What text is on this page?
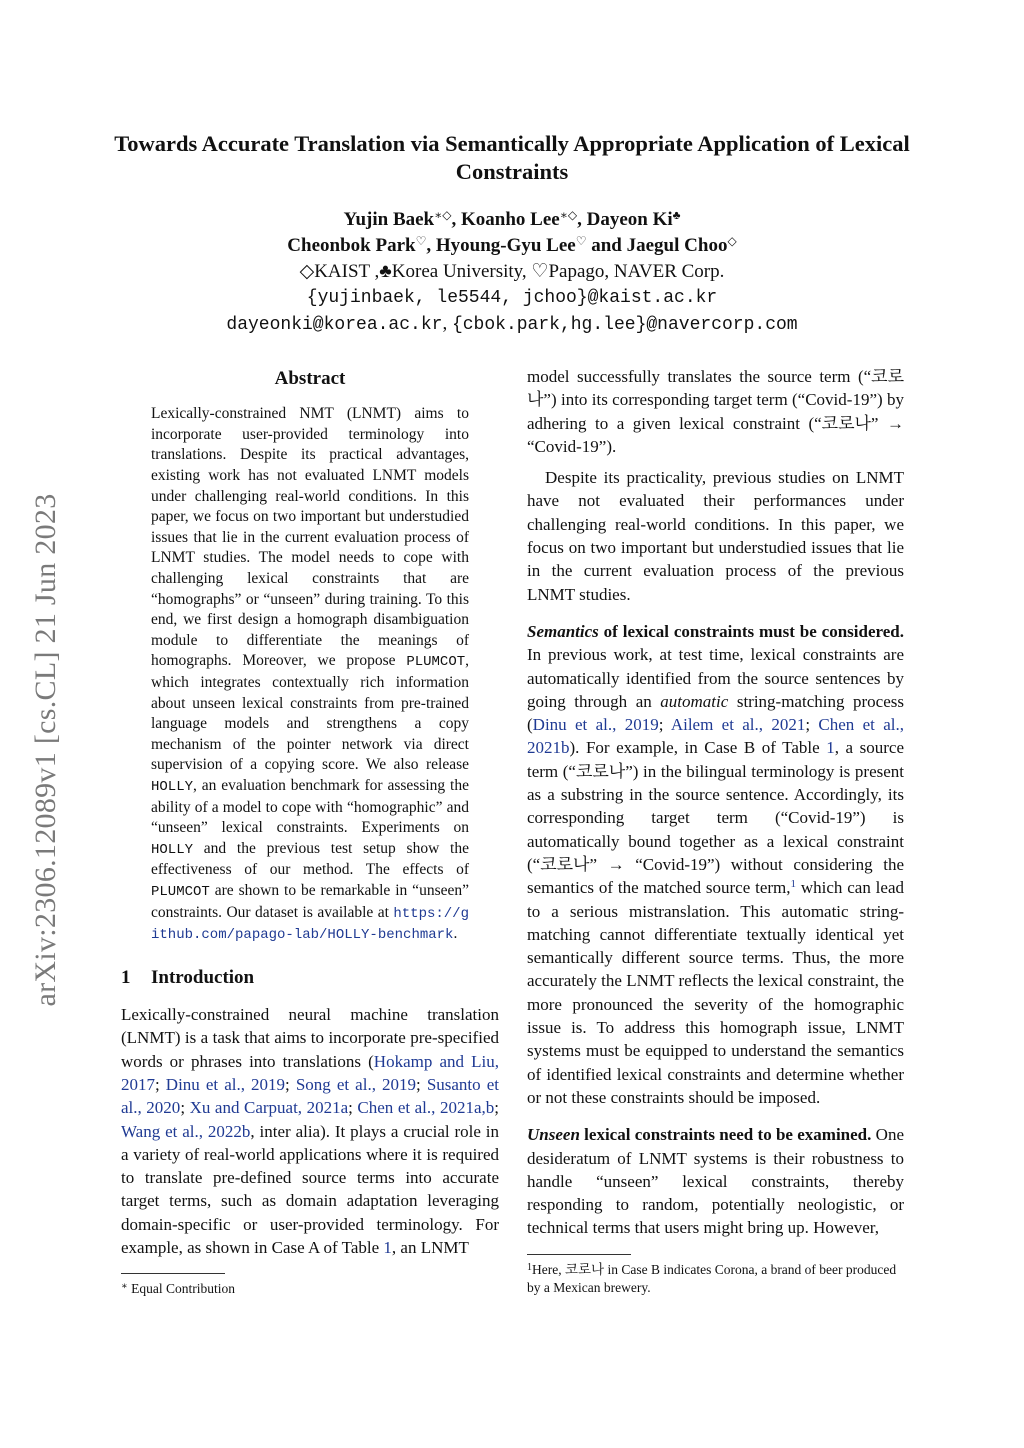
arXiv:2306.12089v1 [cs.CL] 21 Jun 2023
Towards Accurate Translation via Semantically Appropriate Application of Lexical Constraints
Yujin Baek∗◇, Koanho Lee∗◇, Dayeon Ki♣
Cheonbok Park♡, Hyoung-Gyu Lee♡ and Jaegul Choo◇
◇KAIST ,♣Korea University, ♡Papago, NAVER Corp.
{yujinbaek, le5544, jchoo}@kaist.ac.kr
dayeonki@korea.ac.kr, {cbok.park,hg.lee}@navercorp.com
Abstract
Lexically-constrained NMT (LNMT) aims to incorporate user-provided terminology into translations. Despite its practical advantages, existing work has not evaluated LNMT models under challenging real-world conditions. In this paper, we focus on two important but understudied issues that lie in the current evaluation process of LNMT studies. The model needs to cope with challenging lexical constraints that are “homographs” or “unseen” during training. To this end, we first design a homograph disambiguation module to differentiate the meanings of homographs. Moreover, we propose PLUMCOT, which integrates contextually rich information about unseen lexical constraints from pre-trained language models and strengthens a copy mechanism of the pointer network via direct supervision of a copying score. We also release HOLLY, an evaluation benchmark for assessing the ability of a model to cope with “homographic” and “unseen” lexical constraints. Experiments on HOLLY and the previous test setup show the effectiveness of our method. The effects of PLUMCOT are shown to be remarkable in “unseen” constraints. Our dataset is available at https://github.com/papago-lab/HOLLY-benchmark.
1 Introduction

Lexically-constrained neural machine translation (LNMT) is a task that aims to incorporate pre-specified words or phrases into translations (Hokamp and Liu, 2017; Dinu et al., 2019; Song et al., 2019; Susanto et al., 2020; Xu and Carpuat, 2021a; Chen et al., 2021a,b; Wang et al., 2022b, inter alia). It plays a crucial role in a variety of real-world applications where it is required to translate pre-defined source terms into accurate target terms, such as domain adaptation leveraging domain-specific or user-provided terminology. For example, as shown in Case A of Table 1, an LNMT

∗ Equal Contribution

model successfully translates the source term (“코로나”) into its corresponding target term (“Covid-19”) by adhering to a given lexical constraint (“코로나” → “Covid-19”).

Despite its practicality, previous studies on LNMT have not evaluated their performances under challenging real-world conditions. In this paper, we focus on two important but understudied issues that lie in the current evaluation process of the previous LNMT studies.

Semantics of lexical constraints must be considered. In previous work, at test time, lexical constraints are automatically identified from the source sentences by going through an automatic string-matching process (Dinu et al., 2019; Ailem et al., 2021; Chen et al., 2021b). For example, in Case B of Table 1, a source term (“코로나”) in the bilingual terminology is present as a substring in the source sentence. Accordingly, its corresponding target term (“Covid-19”) is automatically bound together as a lexical constraint (“코로나” → “Covid-19”) without considering the semantics of the matched source term,$^1$ which can lead to a serious mistranslation. This automatic string-matching cannot differentiate textually identical yet semantically different source terms. Thus, the more accurately the LNMT reflects the lexical constraint, the more pronounced the severity of the homographic issue is. To address this homograph issue, LNMT systems must be equipped to understand the semantics of identified lexical constraints and determine whether or not these constraints should be imposed.

Unseen lexical constraints need to be examined. One desideratum of LNMT systems is their robustness to handle “unseen” lexical constraints, thereby responding to random, potentially neologistic, or technical terms that users might bring up. However,

$^1$Here, 코로나 in Case B indicates Corona, a brand of beer produced by a Mexican brewery.
